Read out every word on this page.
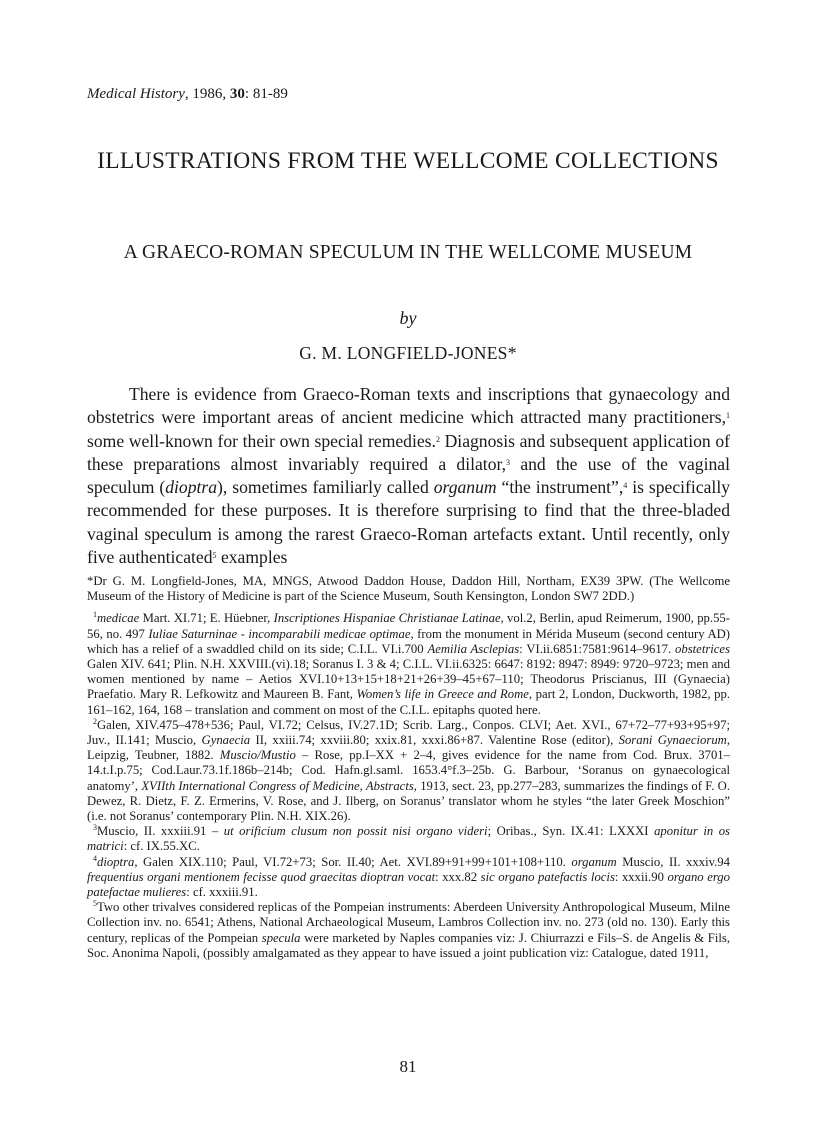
Medical History, 1986, 30: 81-89
ILLUSTRATIONS FROM THE WELLCOME COLLECTIONS
A GRAECO-ROMAN SPECULUM IN THE WELLCOME MUSEUM
by
G. M. LONGFIELD-JONES*

There is evidence from Graeco-Roman texts and inscriptions that gynaecology and obstetrics were important areas of ancient medicine which attracted many practitioners,$^1$ some well-known for their own special remedies.$^2$ Diagnosis and subsequent application of these preparations almost invariably required a dilator,$^3$ and the use of the vaginal speculum (dioptra), sometimes familiarly called organum “the instrument”,$^4$ is specifically recommended for these purposes. It is therefore surprising to find that the three-bladed vaginal speculum is among the rarest Graeco-Roman artefacts extant. Until recently, only five authenticated$^5$ examples

*Dr G. M. Longfield-Jones, MA, MNGS, Atwood Daddon House, Daddon Hill, Northam, EX39 3PW. (The Wellcome Museum of the History of Medicine is part of the Science Museum, South Kensington, London SW7 2DD.)

$^1$medicae Mart. XI.71; E. Hüebner, Inscriptiones Hispaniae Christianae Latinae, vol.2, Berlin, apud Reimerum, 1900, pp.55-56, no. 497 Iuliae Saturninae - incomparabili medicae optimae, from the monument in Mérida Museum (second century AD) which has a relief of a swaddled child on its side; C.I.L. VI.i.700 Aemilia Asclepias: VI.ii.6851:7581:9614–9617. obstetrices Galen XIV. 641; Plin. N.H. XXVIII.(vi).18; Soranus I. 3 & 4; C.I.L. VI.ii.6325: 6647: 8192: 8947: 8949: 9720–9723; men and women mentioned by name – Aetios XVI.10+13+15+18+21+26+39–45+67–110; Theodorus Priscianus, III (Gynaecia) Praefatio. Mary R. Lefkowitz and Maureen B. Fant, Women’s life in Greece and Rome, part 2, London, Duckworth, 1982, pp. 161–162, 164, 168 – translation and comment on most of the C.I.L. epitaphs quoted here.

$^2$Galen, XIV.475–478+536; Paul, VI.72; Celsus, IV.27.1D; Scrib. Larg., Conpos. CLVI; Aet. XVI., 67+72–77+93+95+97; Juv., II.141; Muscio, Gynaecia II, xxiii.74; xxviii.80; xxix.81, xxxi.86+87. Valentine Rose (editor), Sorani Gynaeciorum, Leipzig, Teubner, 1882. Muscio/Mustio – Rose, pp.I–XX + 2–4, gives evidence for the name from Cod. Brux. 3701–14.t.I.p.75; Cod.Laur.73.1f.186b–214b; Cod. Hafn.gl.saml. 1653.4°f.3–25b. G. Barbour, ‘Soranus on gynaecological anatomy’, XVIIth International Congress of Medicine, Abstracts, 1913, sect. 23, pp.277–283, summarizes the findings of F. O. Dewez, R. Dietz, F. Z. Ermerins, V. Rose, and J. Ilberg, on Soranus’ translator whom he styles “the later Greek Moschion” (i.e. not Soranus’ contemporary Plin. N.H. XIX.26).

$^3$Muscio, II. xxxiii.91 – ut orificium clusum non possit nisi organo videri; Oribas., Syn. IX.41: LXXXI aponitur in os matrici: cf. IX.55.XC.

$^4$dioptra, Galen XIX.110; Paul, VI.72+73; Sor. II.40; Aet. XVI.89+91+99+101+108+110. organum Muscio, II. xxxiv.94 frequentius organi mentionem fecisse quod graecitas dioptran vocat: xxx.82 sic organo patefactis locis: xxxii.90 organo ergo patefactae mulieres: cf. xxxiii.91.

$^5$Two other trivalves considered replicas of the Pompeian instruments: Aberdeen University Anthropological Museum, Milne Collection inv. no. 6541; Athens, National Archaeological Museum, Lambros Collection inv. no. 273 (old no. 130). Early this century, replicas of the Pompeian specula were marketed by Naples companies viz: J. Chiurrazzi e Fils–S. de Angelis & Fils, Soc. Anonima Napoli, (possibly amalgamated as they appear to have issued a joint publication viz: Catalogue, dated 1911,

81
